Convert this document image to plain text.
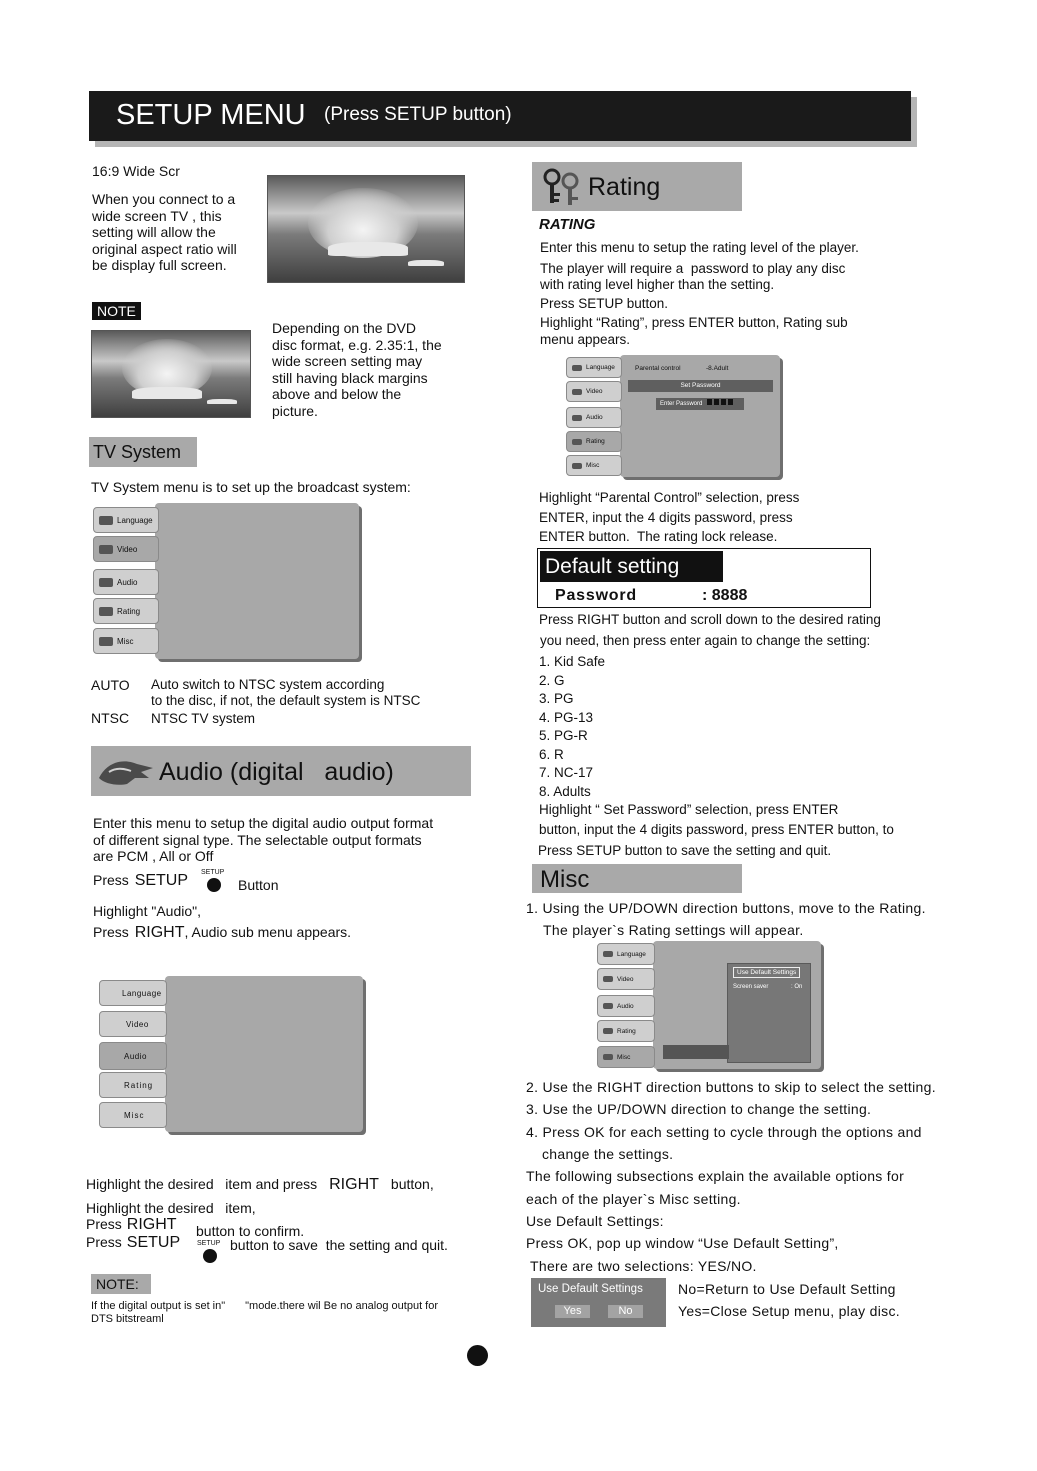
SETUP MENU (Press SETUP button)
16:9 Wide Scr
When you connect to a wide screen TV , this setting will allow the original aspect ratio will be display full screen.
NOTE
Depending on the DVD disc format, e.g. 2.35:1, the wide screen setting may still having black margins above and below the picture.
TV System
TV System menu is to set up the broadcast system:
Language
Video
Audio
Rating
Misc
AUTO Auto switch to NTSC system according
to the disc, if not, the default system is NTSC
NTSC NTSC TV system
Audio (digital   audio)
Enter this menu to setup the digital audio output format of different signal type. The selectable output formats are PCM , All or Off
Press SETUP SETUP
Button
Highlight "Audio",
Press RIGHT, Audio sub menu appears.
Language
Video
Audio
Rating
Misc
Highlight the desired   item and press RIGHT button,
Highlight the desired   item,
Press RIGHT button to confirm.
Press SETUP SETUP button to save  the setting and quit.
NOTE:
If the digital output is set in" "mode.there wil Be no analog output for
DTS bitstreaml
Rating
RATING
Enter this menu to setup the rating level of the player.
The player will require a  password to play any disc
with rating level higher than the setting.
Press SETUP button.
Highlight “Rating”, press ENTER button, Rating sub
menu appears.
Language
Video
Audio
Rating
Misc
Parental control	-8.Adult
Set Password
Enter Password
Highlight “Parental Control” selection, press
ENTER, input the 4 digits password, press
ENTER button.  The rating lock release.
Default setting
Password	: 8888
Press RIGHT button and scroll down to the desired rating
you need, then press enter again to change the setting:
1. Kid Safe
2. G
3. PG
4. PG-13
5. PG-R
6. R
7. NC-17
8. Adults
Highlight “ Set Password” selection, press ENTER
button, input the 4 digits password, press ENTER button, to
Press SETUP button to save the setting and quit.
Misc
1. Using the UP/DOWN direction buttons, move to the Rating.
The player`s Rating settings will appear.
Language
Video
Audio
Rating
Misc
Use Default Settings
Screen saver	: On
2. Use the RIGHT direction buttons to skip to select the setting.
3. Use the UP/DOWN direction to change the setting.
4. Press OK for each setting to cycle through the options and
change the settings.
The following subsections explain the available options for
each of the player`s Misc setting.
Use Default Settings:
Press OK, pop up window “Use Default Setting”,
There are two selections: YES/NO.
Use Default Settings
Yes	No
No=Return to Use Default Setting
Yes=Close Setup menu, play disc.
